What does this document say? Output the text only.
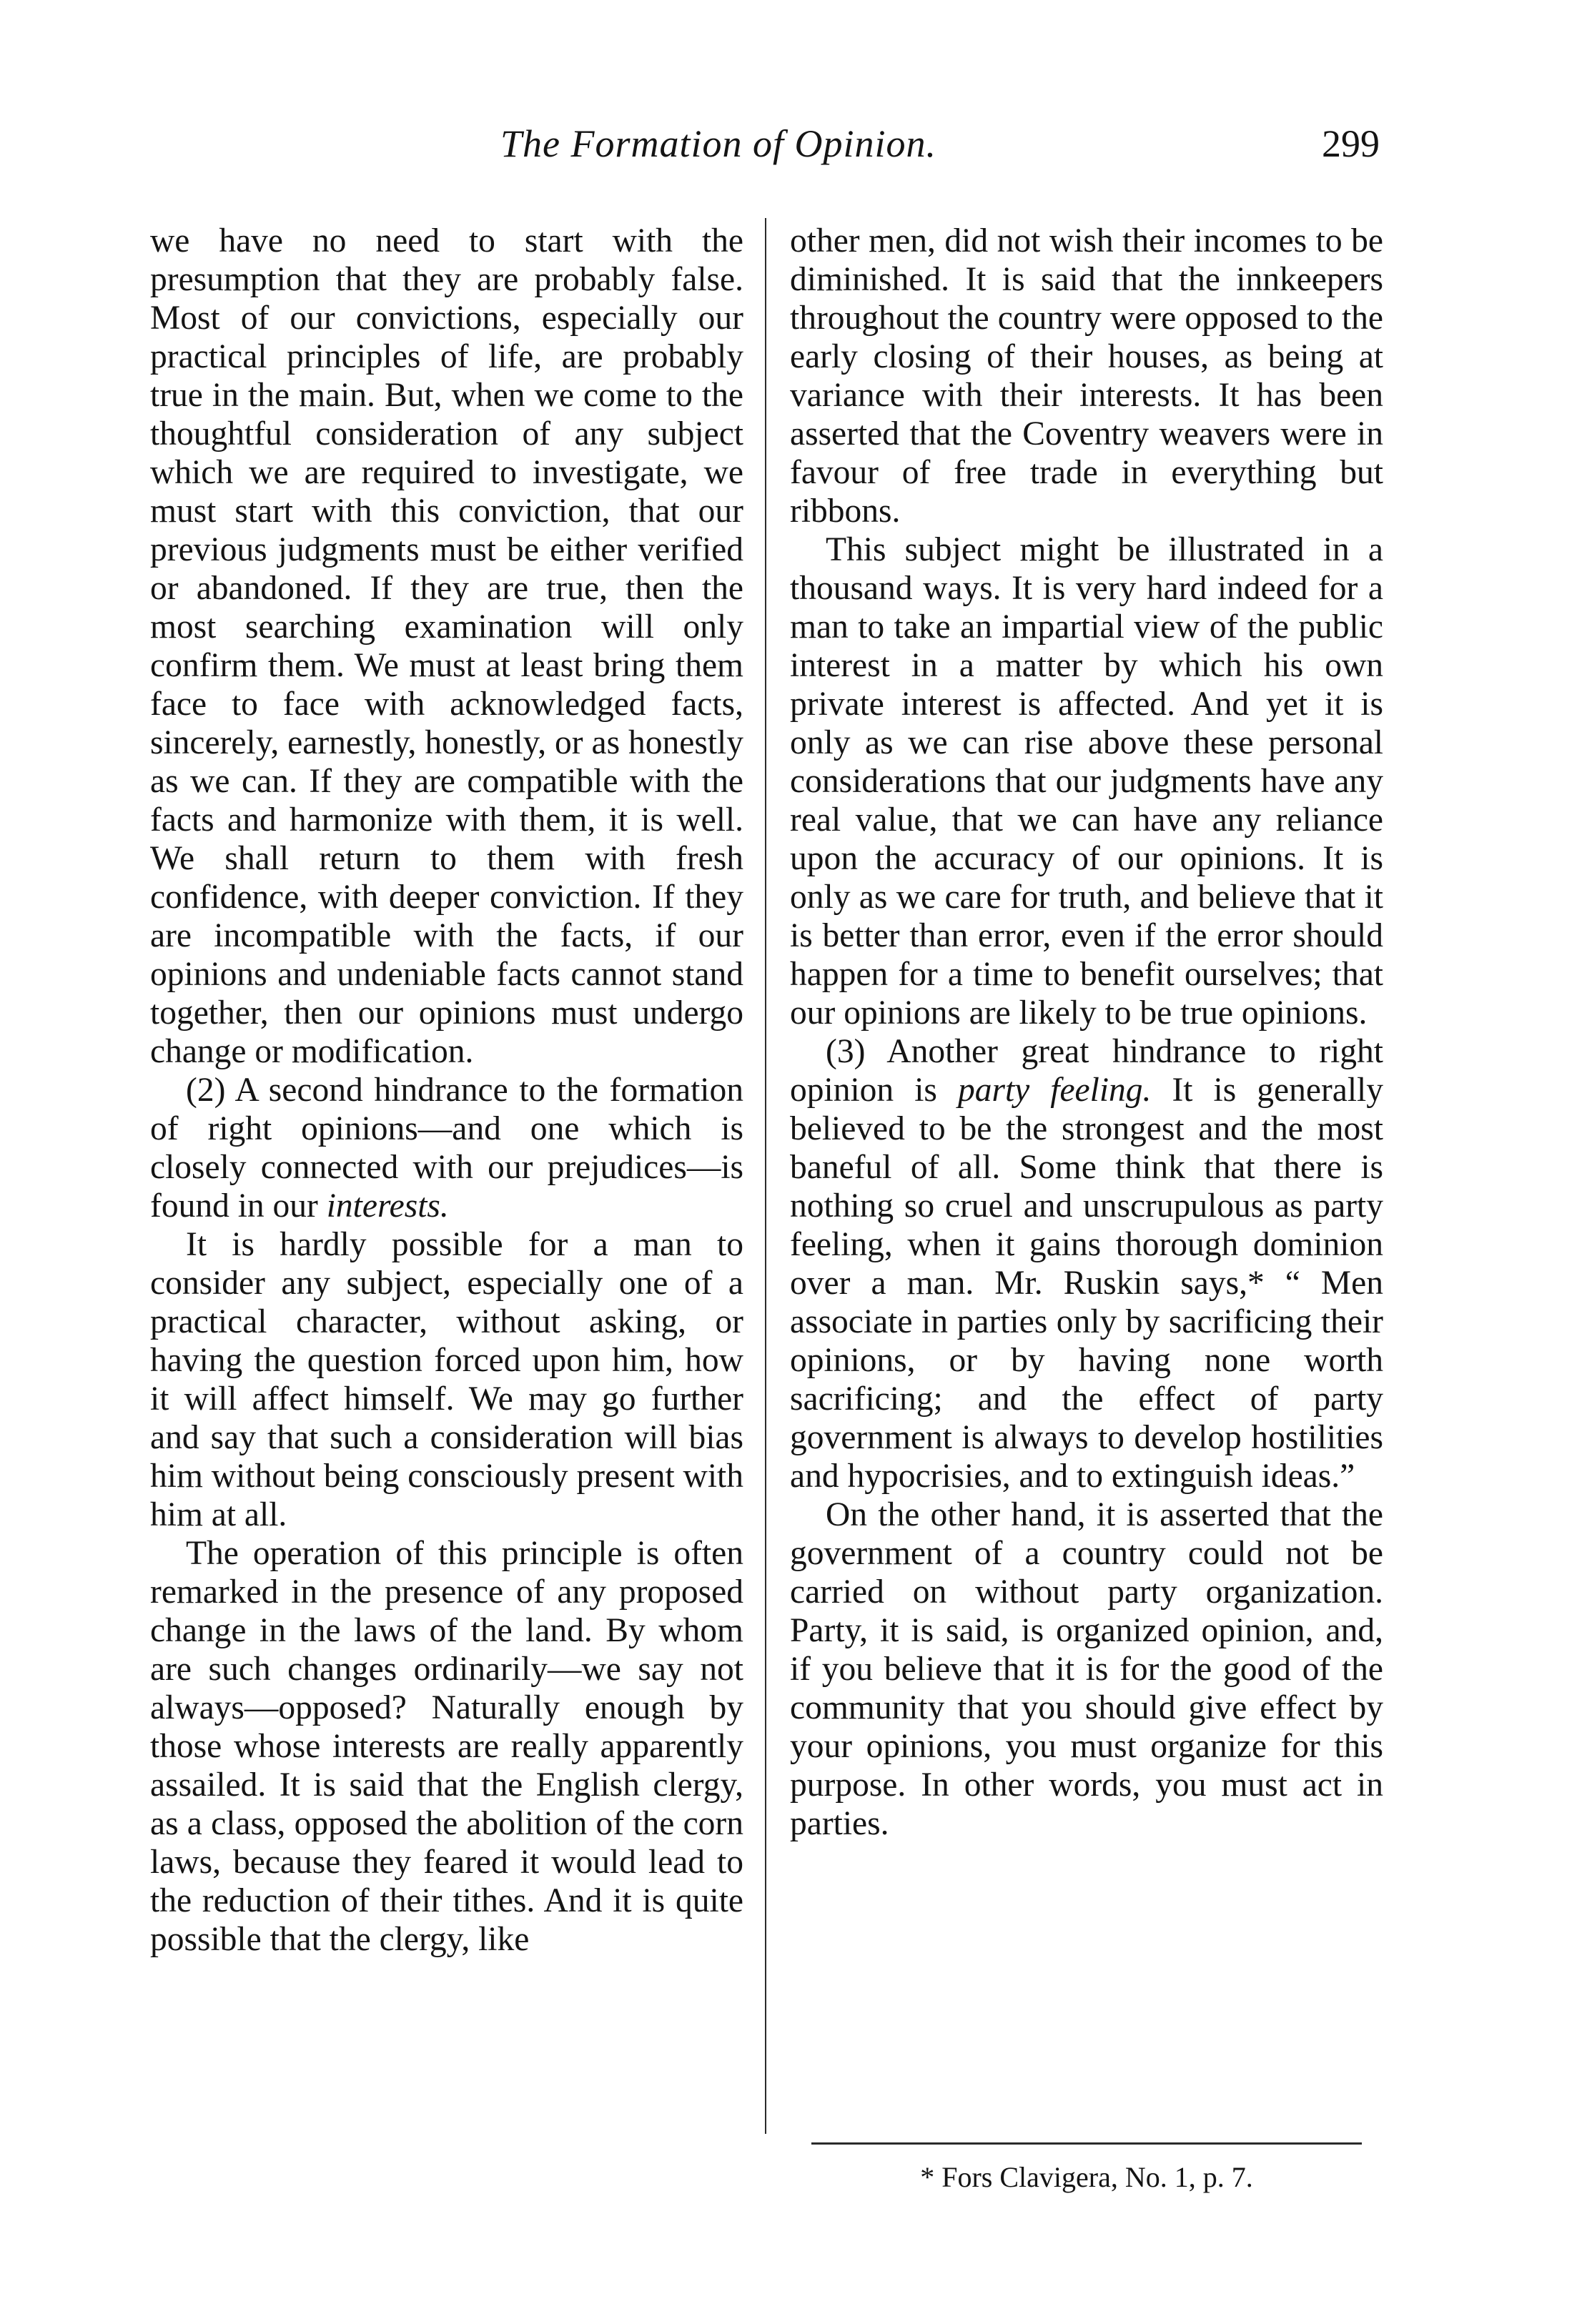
The Formation of Opinion.	299

we have no need to start with the presumption that they are probably false. Most of our convictions, especially our practical principles of life, are probably true in the main. But, when we come to the thoughtful consideration of any subject which we are required to investigate, we must start with this conviction, that our previous judgments must be either verified or abandoned. If they are true, then the most searching examination will only confirm them. We must at least bring them face to face with acknowledged facts, sincerely, earnestly, honestly, or as honestly as we can. If they are compatible with the facts and harmonize with them, it is well. We shall return to them with fresh confidence, with deeper conviction. If they are incompatible with the facts, if our opinions and undeniable facts cannot stand together, then our opinions must undergo change or modification.

(2) A second hindrance to the formation of right opinions—and one which is closely connected with our prejudices—is found in our interests.

It is hardly possible for a man to consider any subject, especially one of a practical character, without asking, or having the question forced upon him, how it will affect himself. We may go further and say that such a consideration will bias him without being consciously present with him at all.

The operation of this principle is often remarked in the presence of any proposed change in the laws of the land. By whom are such changes ordinarily—we say not always—opposed? Naturally enough by those whose interests are really apparently assailed. It is said that the English clergy, as a class, opposed the abolition of the corn laws, because they feared it would lead to the reduction of their tithes. And it is quite possible that the clergy, like

other men, did not wish their incomes to be diminished. It is said that the innkeepers throughout the country were opposed to the early closing of their houses, as being at variance with their interests. It has been asserted that the Coventry weavers were in favour of free trade in everything but ribbons.

This subject might be illustrated in a thousand ways. It is very hard indeed for a man to take an impartial view of the public interest in a matter by which his own private interest is affected. And yet it is only as we can rise above these personal considerations that our judgments have any real value, that we can have any reliance upon the accuracy of our opinions. It is only as we care for truth, and believe that it is better than error, even if the error should happen for a time to benefit ourselves; that our opinions are likely to be true opinions.

(3) Another great hindrance to right opinion is party feeling. It is generally believed to be the strongest and the most baneful of all. Some think that there is nothing so cruel and unscrupulous as party feeling, when it gains thorough dominion over a man. Mr. Ruskin says,* “ Men associate in parties only by sacrificing their opinions, or by having none worth sacrificing; and the effect of party government is always to develop hostilities and hypocrisies, and to extinguish ideas.”

On the other hand, it is asserted that the government of a country could not be carried on without party organization. Party, it is said, is organized opinion, and, if you believe that it is for the good of the community that you should give effect by your opinions, you must organize for this purpose. In other words, you must act in parties.

* Fors Clavigera, No. 1, p. 7.
